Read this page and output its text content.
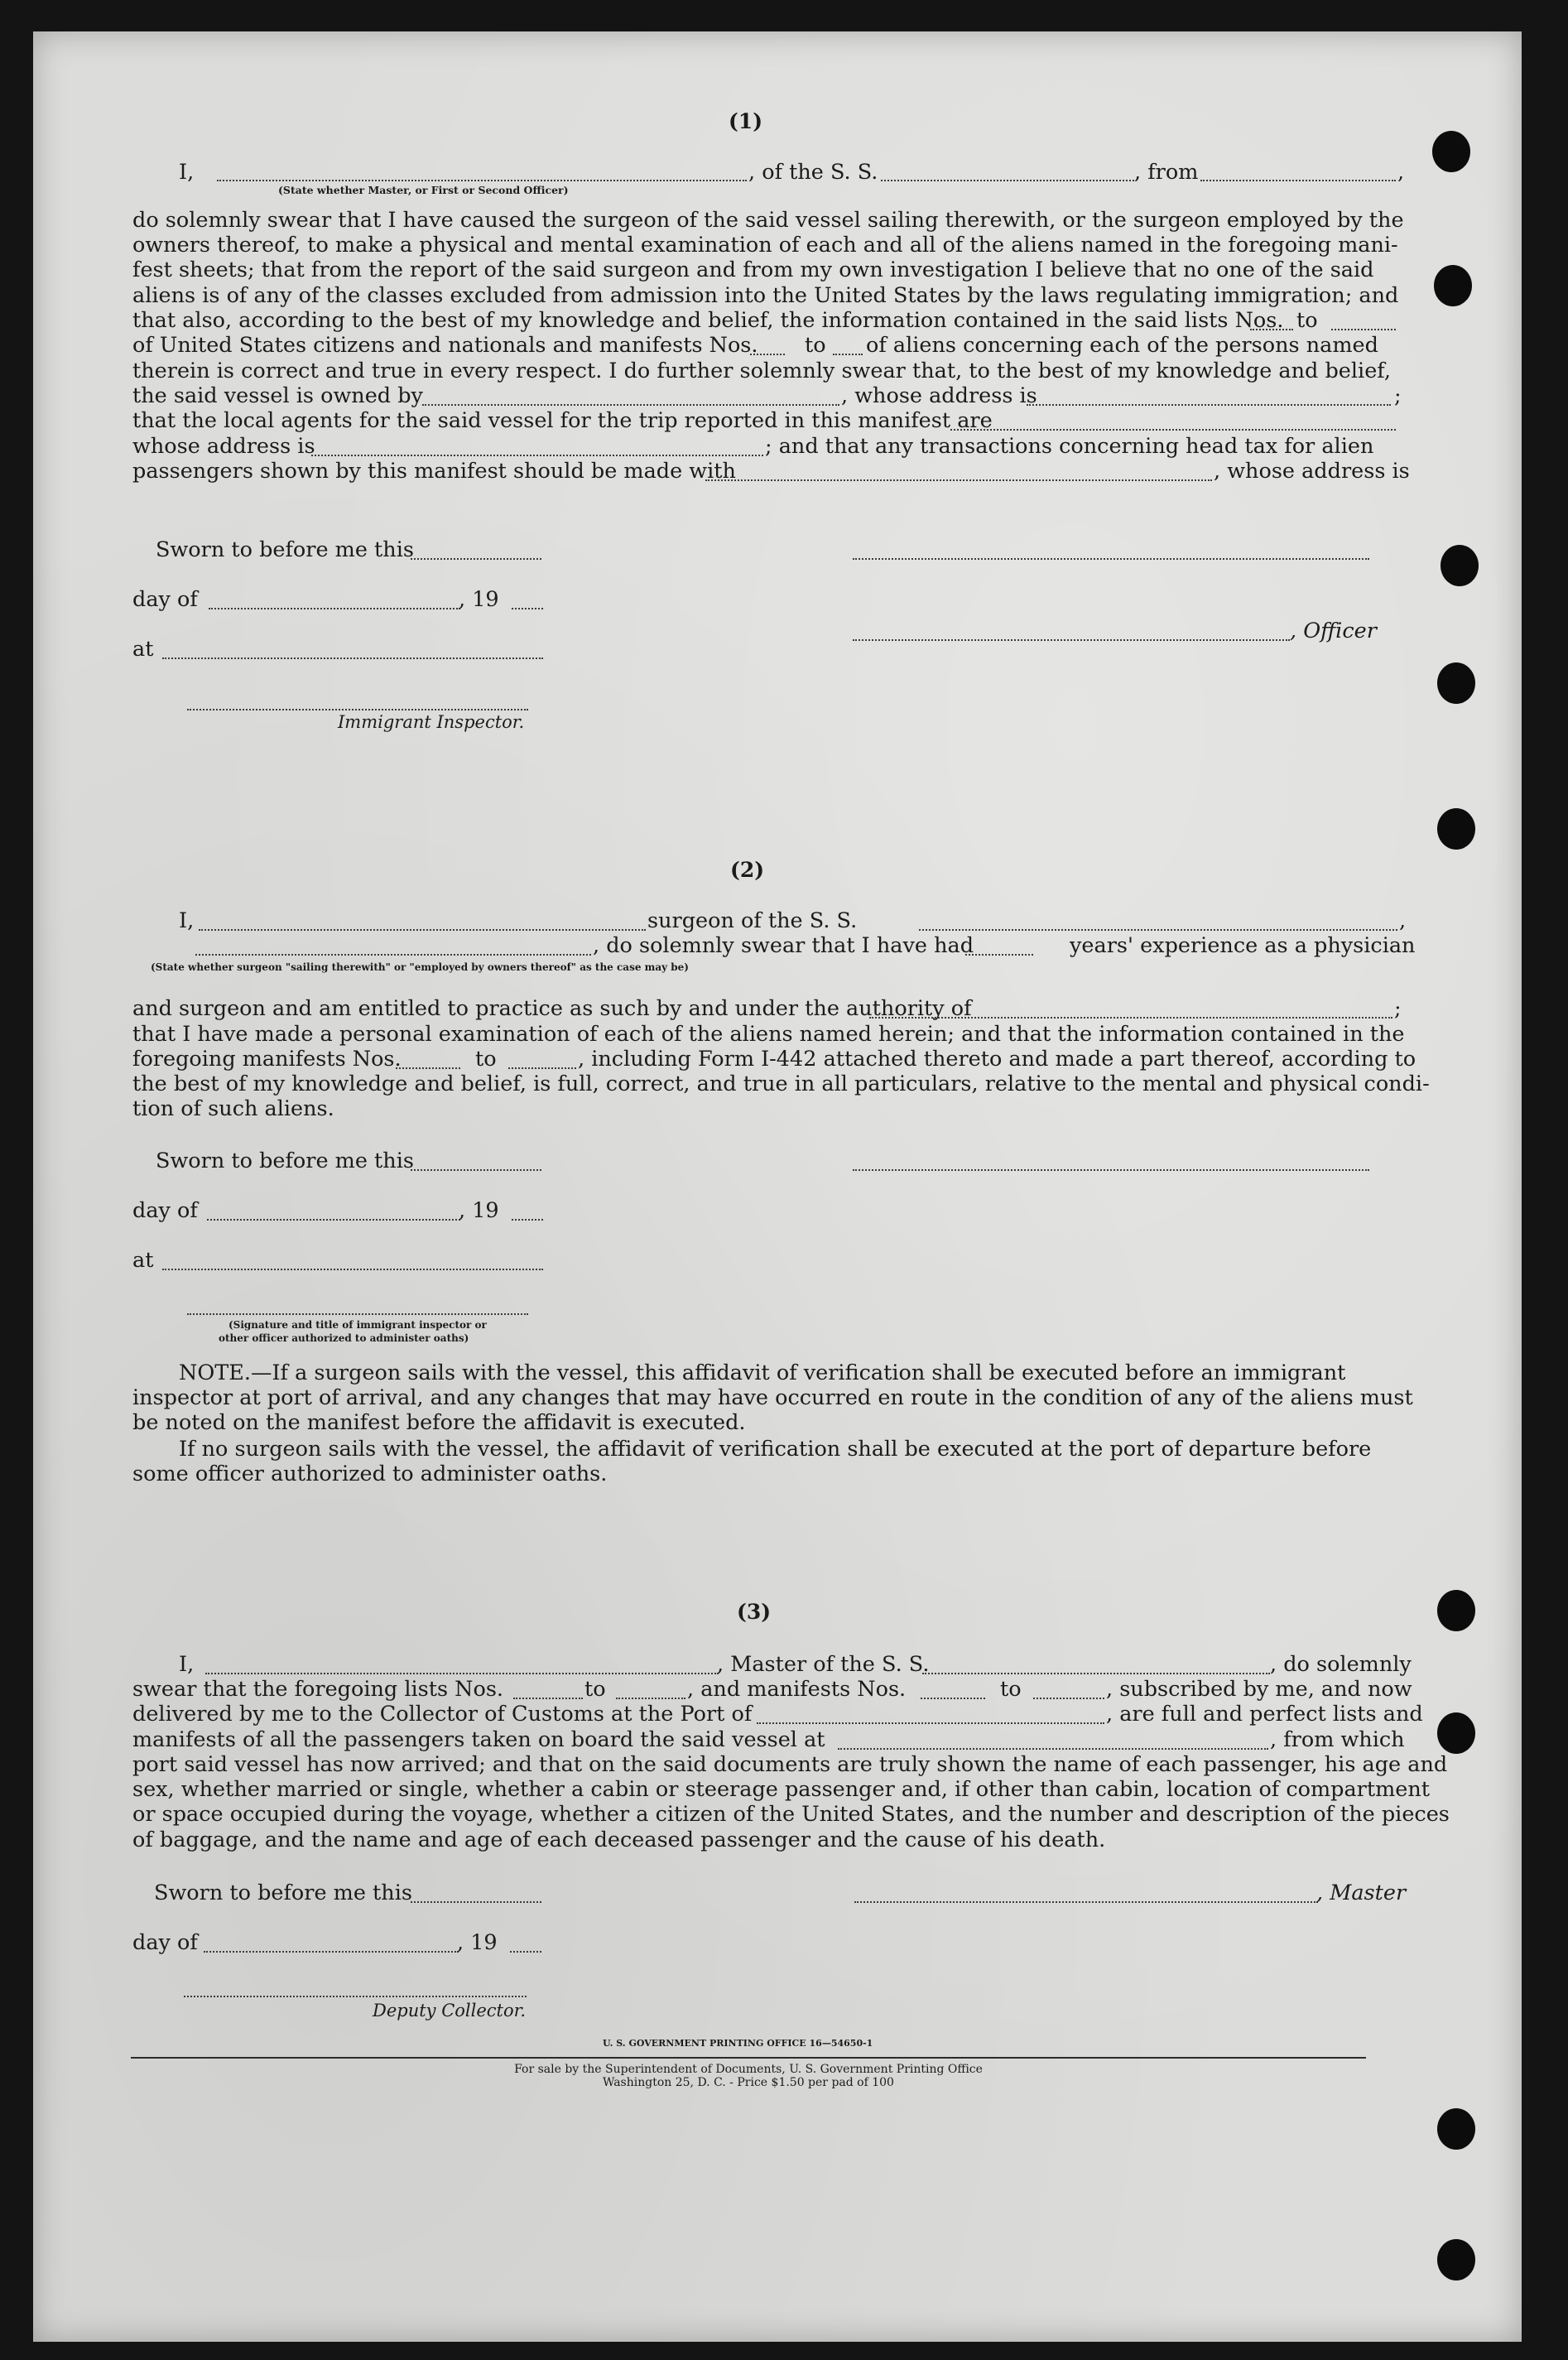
(1)
I,	, of the S. S.	, from	,
(State whether Master, or First or Second Officer)
do solemnly swear that I have caused the surgeon of the said vessel sailing therewith, or the surgeon employed by the
owners thereof, to make a physical and mental examination of each and all of the aliens named in the foregoing mani-
fest sheets; that from the report of the said surgeon and from my own investigation I believe that no one of the said
aliens is of any of the classes excluded from admission into the United States by the laws regulating immigration; and
that also, according to the best of my knowledge and belief, the information contained in the said lists Nos. to
of United States citizens and nationals and manifests Nos. to of aliens concerning each of the persons named
therein is correct and true in every respect. I do further solemnly swear that, to the best of my knowledge and belief,
the said vessel is owned by	, whose address is	;
that the local agents for the said vessel for the trip reported in this manifest are
whose address is	; and that any transactions concerning head tax for alien
passengers shown by this manifest should be made with	, whose address is
Sworn to before me this
day of	, 19
, Officer
at
Immigrant Inspector.
(2)
I,	surgeon of the S. S.	,
, do solemnly swear that I have had	years' experience as a physician
(State whether surgeon "sailing therewith" or "employed by owners thereof" as the case may be)
and surgeon and am entitled to practice as such by and under the authority of	;
that I have made a personal examination of each of the aliens named herein; and that the information contained in the
foregoing manifests Nos.	to	, including Form I-442 attached thereto and made a part thereof, according to
the best of my knowledge and belief, is full, correct, and true in all particulars, relative to the mental and physical condi-
tion of such aliens.
Sworn to before me this
day of	, 19
at
(Signature and title of immigrant inspector or
other officer authorized to administer oaths)
NOTE.—If a surgeon sails with the vessel, this affidavit of verification shall be executed before an immigrant
inspector at port of arrival, and any changes that may have occurred en route in the condition of any of the aliens must
be noted on the manifest before the affidavit is executed.
If no surgeon sails with the vessel, the affidavit of verification shall be executed at the port of departure before
some officer authorized to administer oaths.
(3)
I,	, Master of the S. S.	, do solemnly
swear that the foregoing lists Nos.	to	, and manifests Nos.	to	, subscribed by me, and now
delivered by me to the Collector of Customs at the Port of	, are full and perfect lists and
manifests of all the passengers taken on board the said vessel at	, from which
port said vessel has now arrived; and that on the said documents are truly shown the name of each passenger, his age and
sex, whether married or single, whether a cabin or steerage passenger and, if other than cabin, location of compartment
or space occupied during the voyage, whether a citizen of the United States, and the number and description of the pieces
of baggage, and the name and age of each deceased passenger and the cause of his death.
Sworn to before me this	, Master
day of	, 19
Deputy Collector.
U. S. GOVERNMENT PRINTING OFFICE 16—54650-1
For sale by the Superintendent of Documents, U. S. Government Printing Office
Washington 25, D. C. - Price $1.50 per pad of 100
